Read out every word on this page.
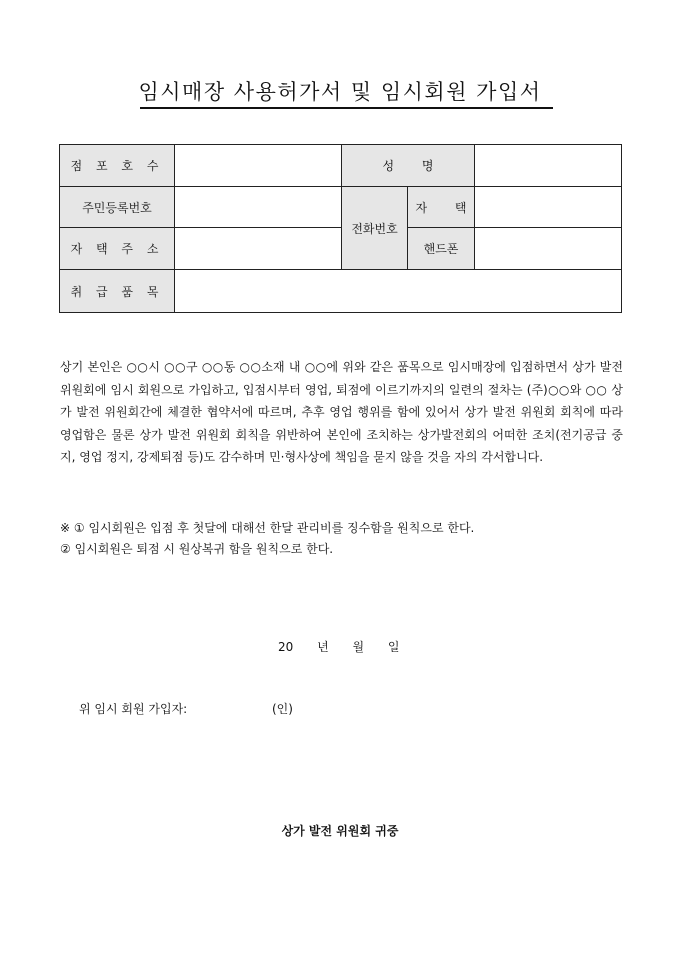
임시매장 사용허가서 및 임시회원 가입서
점 포 호 수		성 명		
주민등록번호		전화번호	자 택	
자 택 주 소			핸드폰	
취 급 품 목				
상기 본인은 ○○시 ○○구 ○○동 ○○소재 내 ○○에 위와 같은 품목으로 임시매장에 입점하면서 상가 발전 위원회에 임시 회원으로 가입하고, 입점시부터 영업, 퇴점에 이르기까지의 일련의 절차는 (주)○○와 ○○ 상가 발전 위원회간에 체결한 협약서에 따르며, 추후 영업 행위를 함에 있어서 상가 발전 위원회 회칙에 따라 영업함은 물론 상가 발전 위원회 회칙을 위반하여 본인에 조치하는 상가발전회의 어떠한 조치(전기공급 중지, 영업 정지, 강제퇴점 등)도 감수하며 민·형사상에 책임을 묻지 않을 것을 자의 각서합니다.
※ ① 임시회원은 입점 후 첫달에 대해선 한달 관리비를 징수함을 원칙으로 한다.
② 임시회원은 퇴점 시 원상복귀 함을 원칙으로 한다.
20 년 월 일
위 임시 회원 가입자:	(인)
상가 발전 위원회 귀중
